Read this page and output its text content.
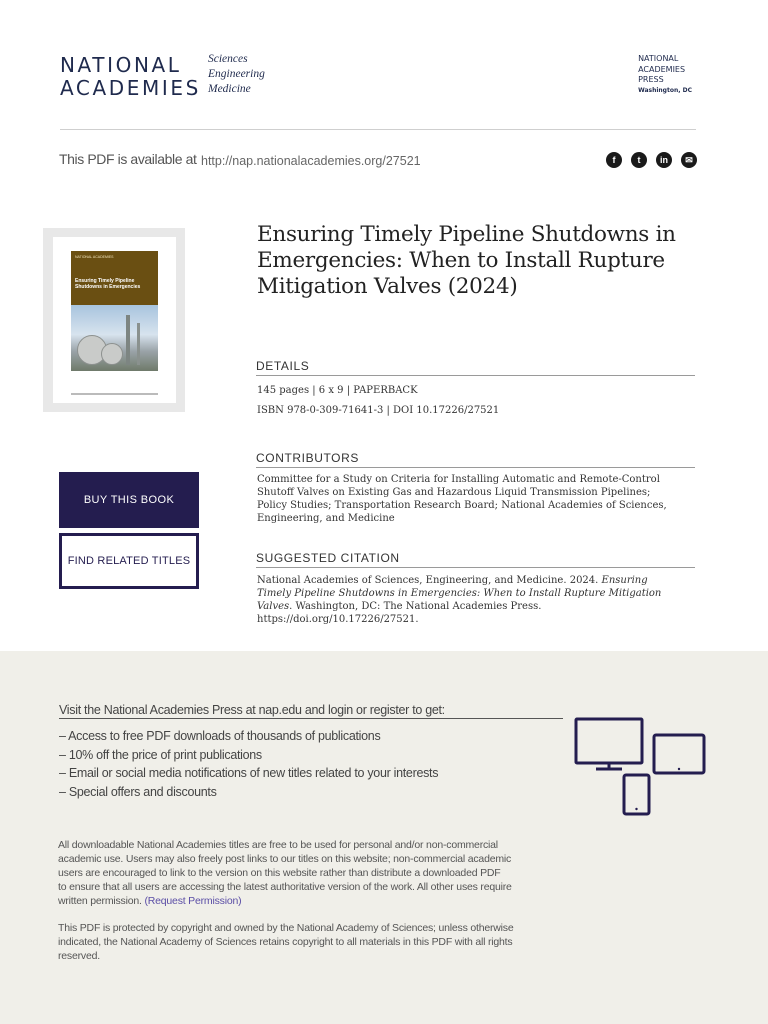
NATIONAL
ACADEMIES
Sciences
Engineering
Medicine
NATIONAL
ACADEMIES
PRESS
Washington, DC
This PDF is available at http://nap.nationalacademies.org/27521	f	t	in	✉
NATIONAL ACADEMIES
Ensuring Timely Pipeline Shutdowns in Emergencies
Ensuring Timely Pipeline Shutdowns in Emergencies: When to Install Rupture Mitigation Valves (2024)
DETAILS
145 pages | 6 x 9 | PAPERBACK
ISBN 978-0-309-71641-3 | DOI 10.17226/27521
CONTRIBUTORS
Committee for a Study on Criteria for Installing Automatic and Remote-Control
Shutoff Valves on Existing Gas and Hazardous Liquid Transmission Pipelines;
Policy Studies; Transportation Research Board; National Academies of Sciences,
Engineering, and Medicine
SUGGESTED CITATION
National Academies of Sciences, Engineering, and Medicine. 2024. Ensuring
Timely Pipeline Shutdowns in Emergencies: When to Install Rupture Mitigation
Valves. Washington, DC: The National Academies Press.
https://doi.org/10.17226/27521.
BUY THIS BOOK
FIND RELATED TITLES
Visit the National Academies Press at nap.edu and login or register to get:
– Access to free PDF downloads of thousands of publications
– 10% off the price of print publications
– Email or social media notifications of new titles related to your interests
– Special offers and discounts
All downloadable National Academies titles are free to be used for personal and/or non-commercial
academic use. Users may also freely post links to our titles on this website; non-commercial academic
users are encouraged to link to the version on this website rather than distribute a downloaded PDF
to ensure that all users are accessing the latest authoritative version of the work. All other uses require
written permission. (Request Permission)
This PDF is protected by copyright and owned by the National Academy of Sciences; unless otherwise
indicated, the National Academy of Sciences retains copyright to all materials in this PDF with all rights
reserved.
